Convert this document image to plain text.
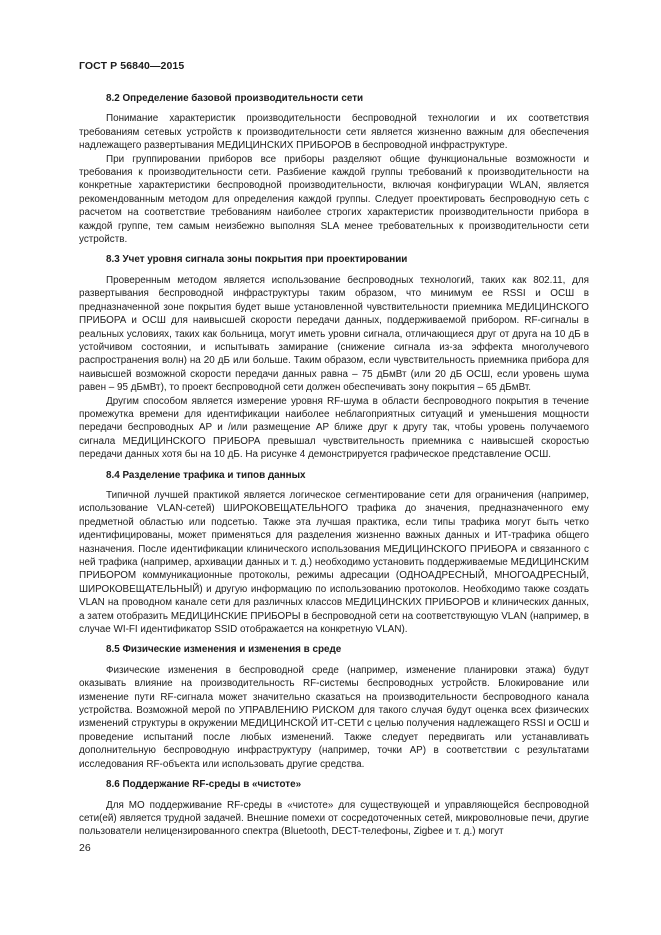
ГОСТ Р 56840—2015

8.2 Определение базовой производительности сети

Понимание характеристик производительности беспроводной технологии и их соответствия требованиям сетевых устройств к производительности сети является жизненно важным для обеспечения надлежащего развертывания МЕДИЦИНСКИХ ПРИБОРОВ в беспроводной инфраструктуре.

При группировании приборов все приборы разделяют общие функциональные возможности и требования к производительности сети. Разбиение каждой группы требований к производительности на конкретные характеристики беспроводной производительности, включая конфигурации WLAN, является рекомендованным методом для определения каждой группы. Следует проектировать беспроводную сеть с расчетом на соответствие требованиям наиболее строгих характеристик производительности прибора в каждой группе, тем самым неизбежно выполняя SLA менее требовательных к производительности сети устройств.

8.3 Учет уровня сигнала зоны покрытия при проектировании

Проверенным методом является использование беспроводных технологий, таких как 802.11, для развертывания беспроводной инфраструктуры таким образом, что минимум ее RSSI и ОСШ в предназначенной зоне покрытия будет выше установленной чувствительности приемника МЕДИЦИНСКОГО ПРИБОРА и ОСШ для наивысшей скорости передачи данных, поддерживаемой прибором. RF-сигналы в реальных условиях, таких как больница, могут иметь уровни сигнала, отличающиеся друг от друга на 10 дБ в устойчивом состоянии, и испытывать замирание (снижение сигнала из-за эффекта многолучевого распространения волн) на 20 дБ или больше. Таким образом, если чувствительность приемника прибора для наивысшей возможной скорости передачи данных равна – 75 дБмВт (или 20 дБ ОСШ, если уровень шума равен – 95 дБмВт), то проект беспроводной сети должен обеспечивать зону покрытия – 65 дБмВт.

Другим способом является измерение уровня RF-шума в области беспроводного покрытия в течение промежутка времени для идентификации наиболее неблагоприятных ситуаций и уменьшения мощности передачи беспроводных AP и /или размещение AP ближе друг к другу так, чтобы уровень получаемого сигнала МЕДИЦИНСКОГО ПРИБОРА превышал чувствительность приемника с наивысшей скоростью передачи данных хотя бы на 10 дБ. На рисунке 4 демонстрируется графическое представление ОСШ.

8.4 Разделение трафика и типов данных

Типичной лучшей практикой является логическое сегментирование сети для ограничения (например, использование VLAN-сетей) ШИРОКОВЕЩАТЕЛЬНОГО трафика до значения, предназначенного ему предметной областью или подсетью. Также эта лучшая практика, если типы трафика могут быть четко идентифицированы, может применяться для разделения жизненно важных данных и ИТ-трафика общего назначения. После идентификации клинического использования МЕДИЦИНСКОГО ПРИБОРА и связанного с ней трафика (например, архивации данных и т. д.) необходимо установить поддерживаемые МЕДИЦИНСКИМ ПРИБОРОМ коммуникационные протоколы, режимы адресации (ОДНОАДРЕСНЫЙ, МНОГОАДРЕСНЫЙ, ШИРОКОВЕЩАТЕЛЬНЫЙ) и другую информацию по использованию протоколов. Необходимо также создать VLAN на проводном канале сети для различных классов МЕДИЦИНСКИХ ПРИБОРОВ и клинических данных, а затем отобразить МЕДИЦИНСКИЕ ПРИБОРЫ в беспроводной сети на соответствующую VLAN (например, в случае WI-FI идентификатор SSID отображается на конкретную VLAN).

8.5 Физические изменения и изменения в среде

Физические изменения в беспроводной среде (например, изменение планировки этажа) будут оказывать влияние на производительность RF-системы беспроводных устройств. Блокирование или изменение пути RF-сигнала может значительно сказаться на производительности беспроводного канала устройства. Возможной мерой по УПРАВЛЕНИЮ РИСКОМ для такого случая будут оценка всех физических изменений структуры в окружении МЕДИЦИНСКОЙ ИТ-СЕТИ с целью получения надлежащего RSSI и ОСШ и проведение испытаний после любых изменений. Также следует передвигать или устанавливать дополнительную беспроводную инфраструктуру (например, точки AP) в соответствии с результатами исследования RF-объекта или использовать другие средства.

8.6 Поддержание RF-среды в «чистоте»

Для МО поддерживание RF-среды в «чистоте» для существующей и управляющейся беспроводной сети(ей) является трудной задачей. Внешние помехи от сосредоточенных сетей, микроволновые печи, другие пользователи нелицензированного спектра (Bluetooth, DECT-телефоны, Zigbee и т. д.) могут

26
